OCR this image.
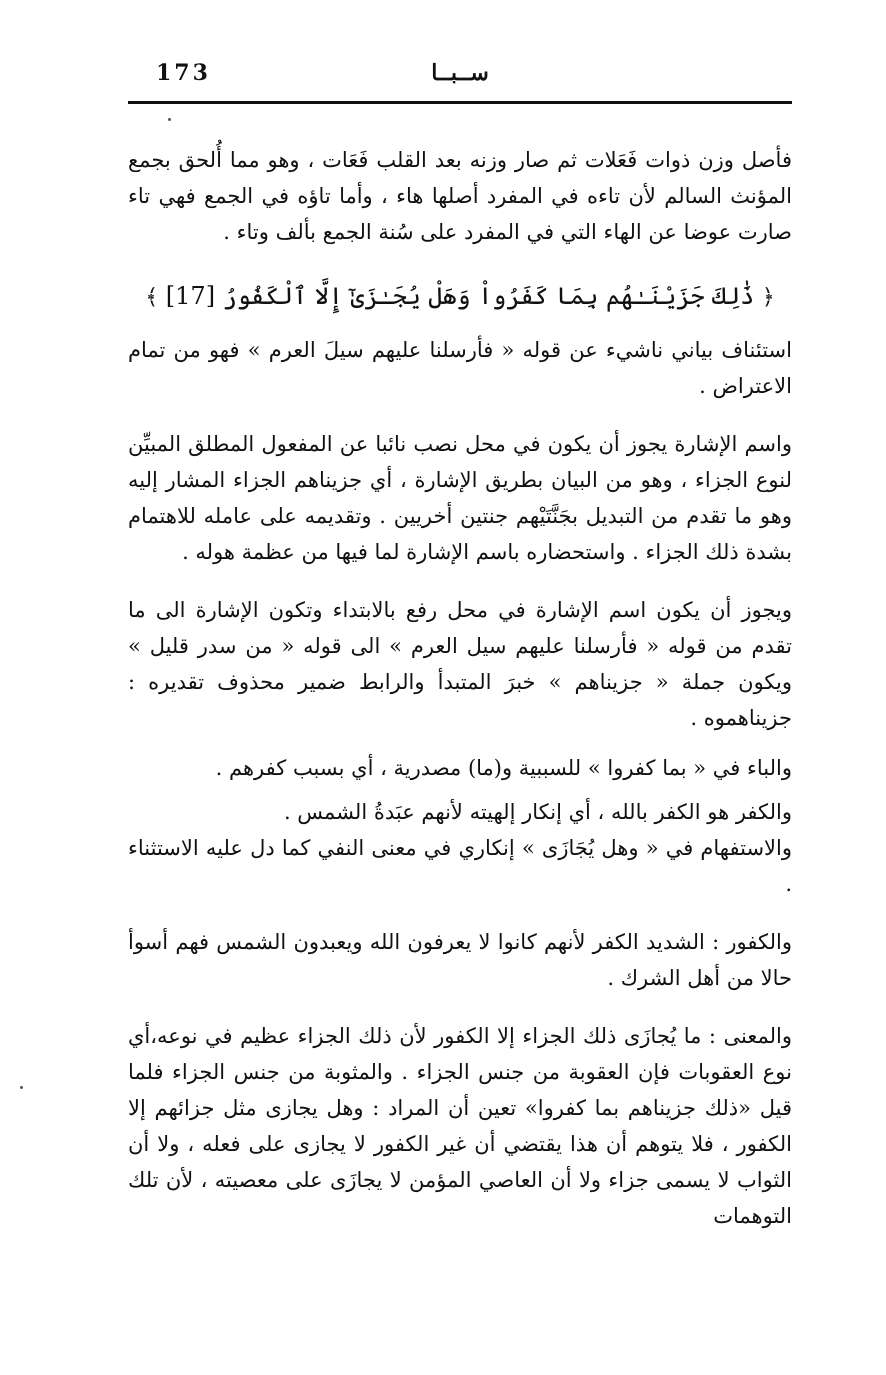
173	ســبــا

فأصل وزن ذوات فَعَلات ثم صار وزنه بعد القلب فَعَات ، وهو مما أُلحق بجمع المؤنث السالم لأن تاءه في المفرد أصلها هاء ، وأما تاؤه في الجمع فهي تاء صارت عوضا عن الهاء التي في المفرد على سُنة الجمع بألف وتاء .

﴿ ذَٰلِكَ جَزَيْنَـٰهُم بِمَا كَفَرُواْ وَهَلْ يُجَـٰزَىٰٓ إِلَّا ٱلْكَفُورُ [17] ﴾

استئناف بياني ناشيء عن قوله « فأرسلنا عليهم سيلَ العرم » فهو من تمام الاعتراض .

واسم الإشارة يجوز أن يكون في محل نصب نائبا عن المفعول المطلق المبيِّن لنوع الجزاء ، وهو من البيان بطريق الإشارة ، أي جزيناهم الجزاء المشار إليه وهو ما تقدم من التبديل بجَنَّتَيْهم جنتين أخريين . وتقديمه على عامله للاهتمام بشدة ذلك الجزاء . واستحضاره باسم الإشارة لما فيها من عظمة هوله .

ويجوز أن يكون اسم الإشارة في محل رفع بالابتداء وتكون الإشارة الى ما تقدم من قوله « فأرسلنا عليهم سيل العرم » الى قوله « من سدر قليل » ويكون جملة « جزيناهم » خبرَ المتبدأ والرابط ضمير محذوف تقديره : جزيناهموه .

والباء في « بما كفروا » للسببية و(ما) مصدرية ، أي بسبب كفرهم .

والكفر هو الكفر بالله ، أي إنكار إلهيته لأنهم عبَدةُ الشمس .

والاستفهام في « وهل يُجَازَى » إنكاري في معنى النفي كما دل عليه الاستثناء .

والكفور : الشديد الكفر لأنهم كانوا لا يعرفون الله ويعبدون الشمس فهم أسوأ حالا من أهل الشرك .

والمعنى : ما يُجازَى ذلك الجزاء إلا الكفور لأن ذلك الجزاء عظيم في نوعه،أي نوع العقوبات فإن العقوبة من جنس الجزاء . والمثوبة من جنس الجزاء فلما قيل «ذلك جزيناهم بما كفروا» تعين أن المراد : وهل يجازى مثل جزائهم إلا الكفور ، فلا يتوهم أن هذا يقتضي أن غير الكفور لا يجازى على فعله ، ولا أن الثواب لا يسمى جزاء ولا أن العاصي المؤمن لا يجازَى على معصيته ، لأن تلك التوهمات
